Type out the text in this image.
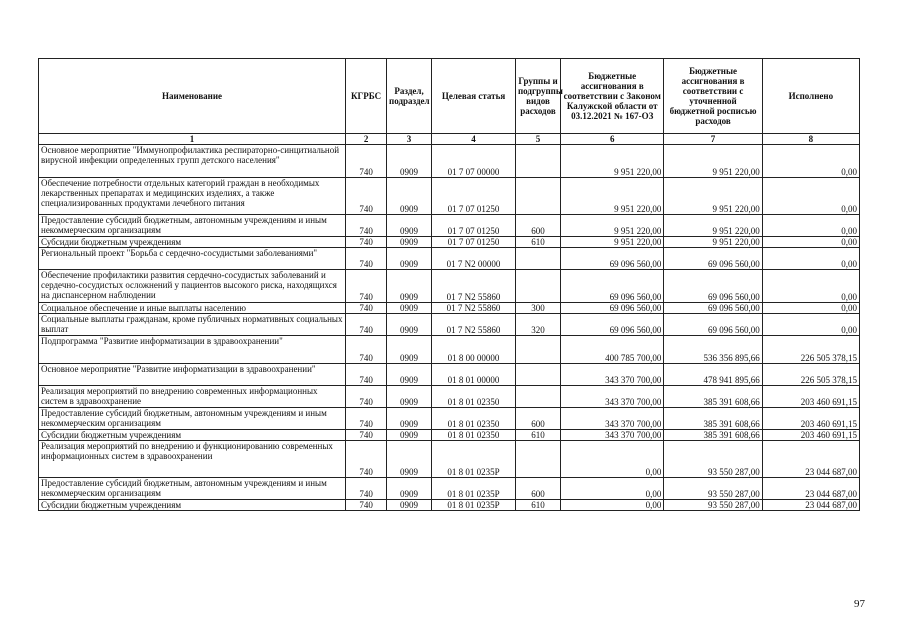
Наименование	КГРБС	Раздел, подраздел	Целевая статья	Группы и подгруппы видов расходов	Бюджетные ассигнования в соответствии с Законом Калужской области от 03.12.2021 № 167-ОЗ	Бюджетные ассигнования в соответствии с уточненной бюджетной росписью расходов	Исполнено
1	2	3	4	5	6	7	8
Основное мероприятие "Иммунопрофилактика респираторно-синцитиальной вирусной инфекции определенных групп детского населения"	740	0909	01 7 07 00000		9 951 220,00	9 951 220,00	0,00
Обеспечение потребности отдельных категорий граждан в необходимых лекарственных препаратах и медицинских изделиях, а также специализированных продуктами лечебного питания	740	0909	01 7 07 01250		9 951 220,00	9 951 220,00	0,00
Предоставление субсидий бюджетным, автономным учреждениям и иным некоммерческим организациям	740	0909	01 7 07 01250	600	9 951 220,00	9 951 220,00	0,00
Субсидии бюджетным учреждениям	740	0909	01 7 07 01250	610	9 951 220,00	9 951 220,00	0,00
Региональный проект "Борьба с сердечно-сосудистыми заболеваниями"	740	0909	01 7 N2 00000		69 096 560,00	69 096 560,00	0,00
Обеспечение профилактики развития сердечно-сосудистых заболеваний и сердечно-сосудистых осложнений у пациентов высокого риска, находящихся на диспансерном наблюдении	740	0909	01 7 N2 55860		69 096 560,00	69 096 560,00	0,00
Социальное обеспечение и иные выплаты населению	740	0909	01 7 N2 55860	300	69 096 560,00	69 096 560,00	0,00
Социальные выплаты гражданам, кроме публичных нормативных социальных выплат	740	0909	01 7 N2 55860	320	69 096 560,00	69 096 560,00	0,00
Подпрограмма "Развитие информатизации в здравоохранении"	740	0909	01 8 00 00000		400 785 700,00	536 356 895,66	226 505 378,15
Основное мероприятие "Развитие информатизации в здравоохранении"	740	0909	01 8 01 00000		343 370 700,00	478 941 895,66	226 505 378,15
Реализация мероприятий по внедрению современных информационных систем в здравоохранение	740	0909	01 8 01 02350		343 370 700,00	385 391 608,66	203 460 691,15
Предоставление субсидий бюджетным, автономным учреждениям и иным некоммерческим организациям	740	0909	01 8 01 02350	600	343 370 700,00	385 391 608,66	203 460 691,15
Субсидии бюджетным учреждениям	740	0909	01 8 01 02350	610	343 370 700,00	385 391 608,66	203 460 691,15
Реализация мероприятий по внедрению и функционированию современных информационных систем в здравоохранении	740	0909	01 8 01 0235Р		0,00	93 550 287,00	23 044 687,00
Предоставление субсидий бюджетным, автономным учреждениям и иным некоммерческим организациям	740	0909	01 8 01 0235Р	600	0,00	93 550 287,00	23 044 687,00
Субсидии бюджетным учреждениям	740	0909	01 8 01 0235Р	610	0,00	93 550 287,00	23 044 687,00
97
